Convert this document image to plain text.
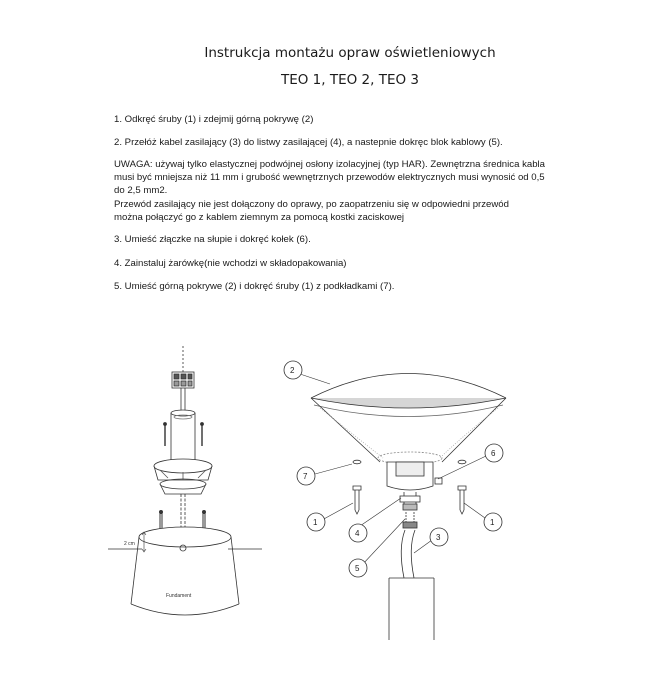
Instrukcja montażu opraw oświetleniowych
TEO 1, TEO 2, TEO 3

1. Odkręć śruby (1) i zdejmij górną pokrywę (2)

2. Przełóż kabel zasilający (3) do listwy zasilającej (4), a nastepnie dokręc blok kablowy (5).

UWAGA: używaj tylko elastycznej podwójnej osłony izolacyjnej (typ HAR). Zewnętrzna średnica kabla

musi być mniejsza niż 11 mm i grubość wewnętrznych przewodów elektrycznych musi wynosić od 0,5

do 2,5 mm2.

Przewód zasilający nie jest dołączony do oprawy, po zaopatrzeniu się w odpowiedni przewód

można połączyć go z kablem ziemnym za pomocą kostki zaciskowej

3. Umieść złączke na słupie i dokręć kołek (6).

4. Zainstaluj żarówkę(nie wchodzi w składopakowania)

5. Umieść górną pokrywe (2) i dokręć śruby (1) z podkładkami (7).

2 cm
Fundament
2
7
6
1
4
1
3
5
